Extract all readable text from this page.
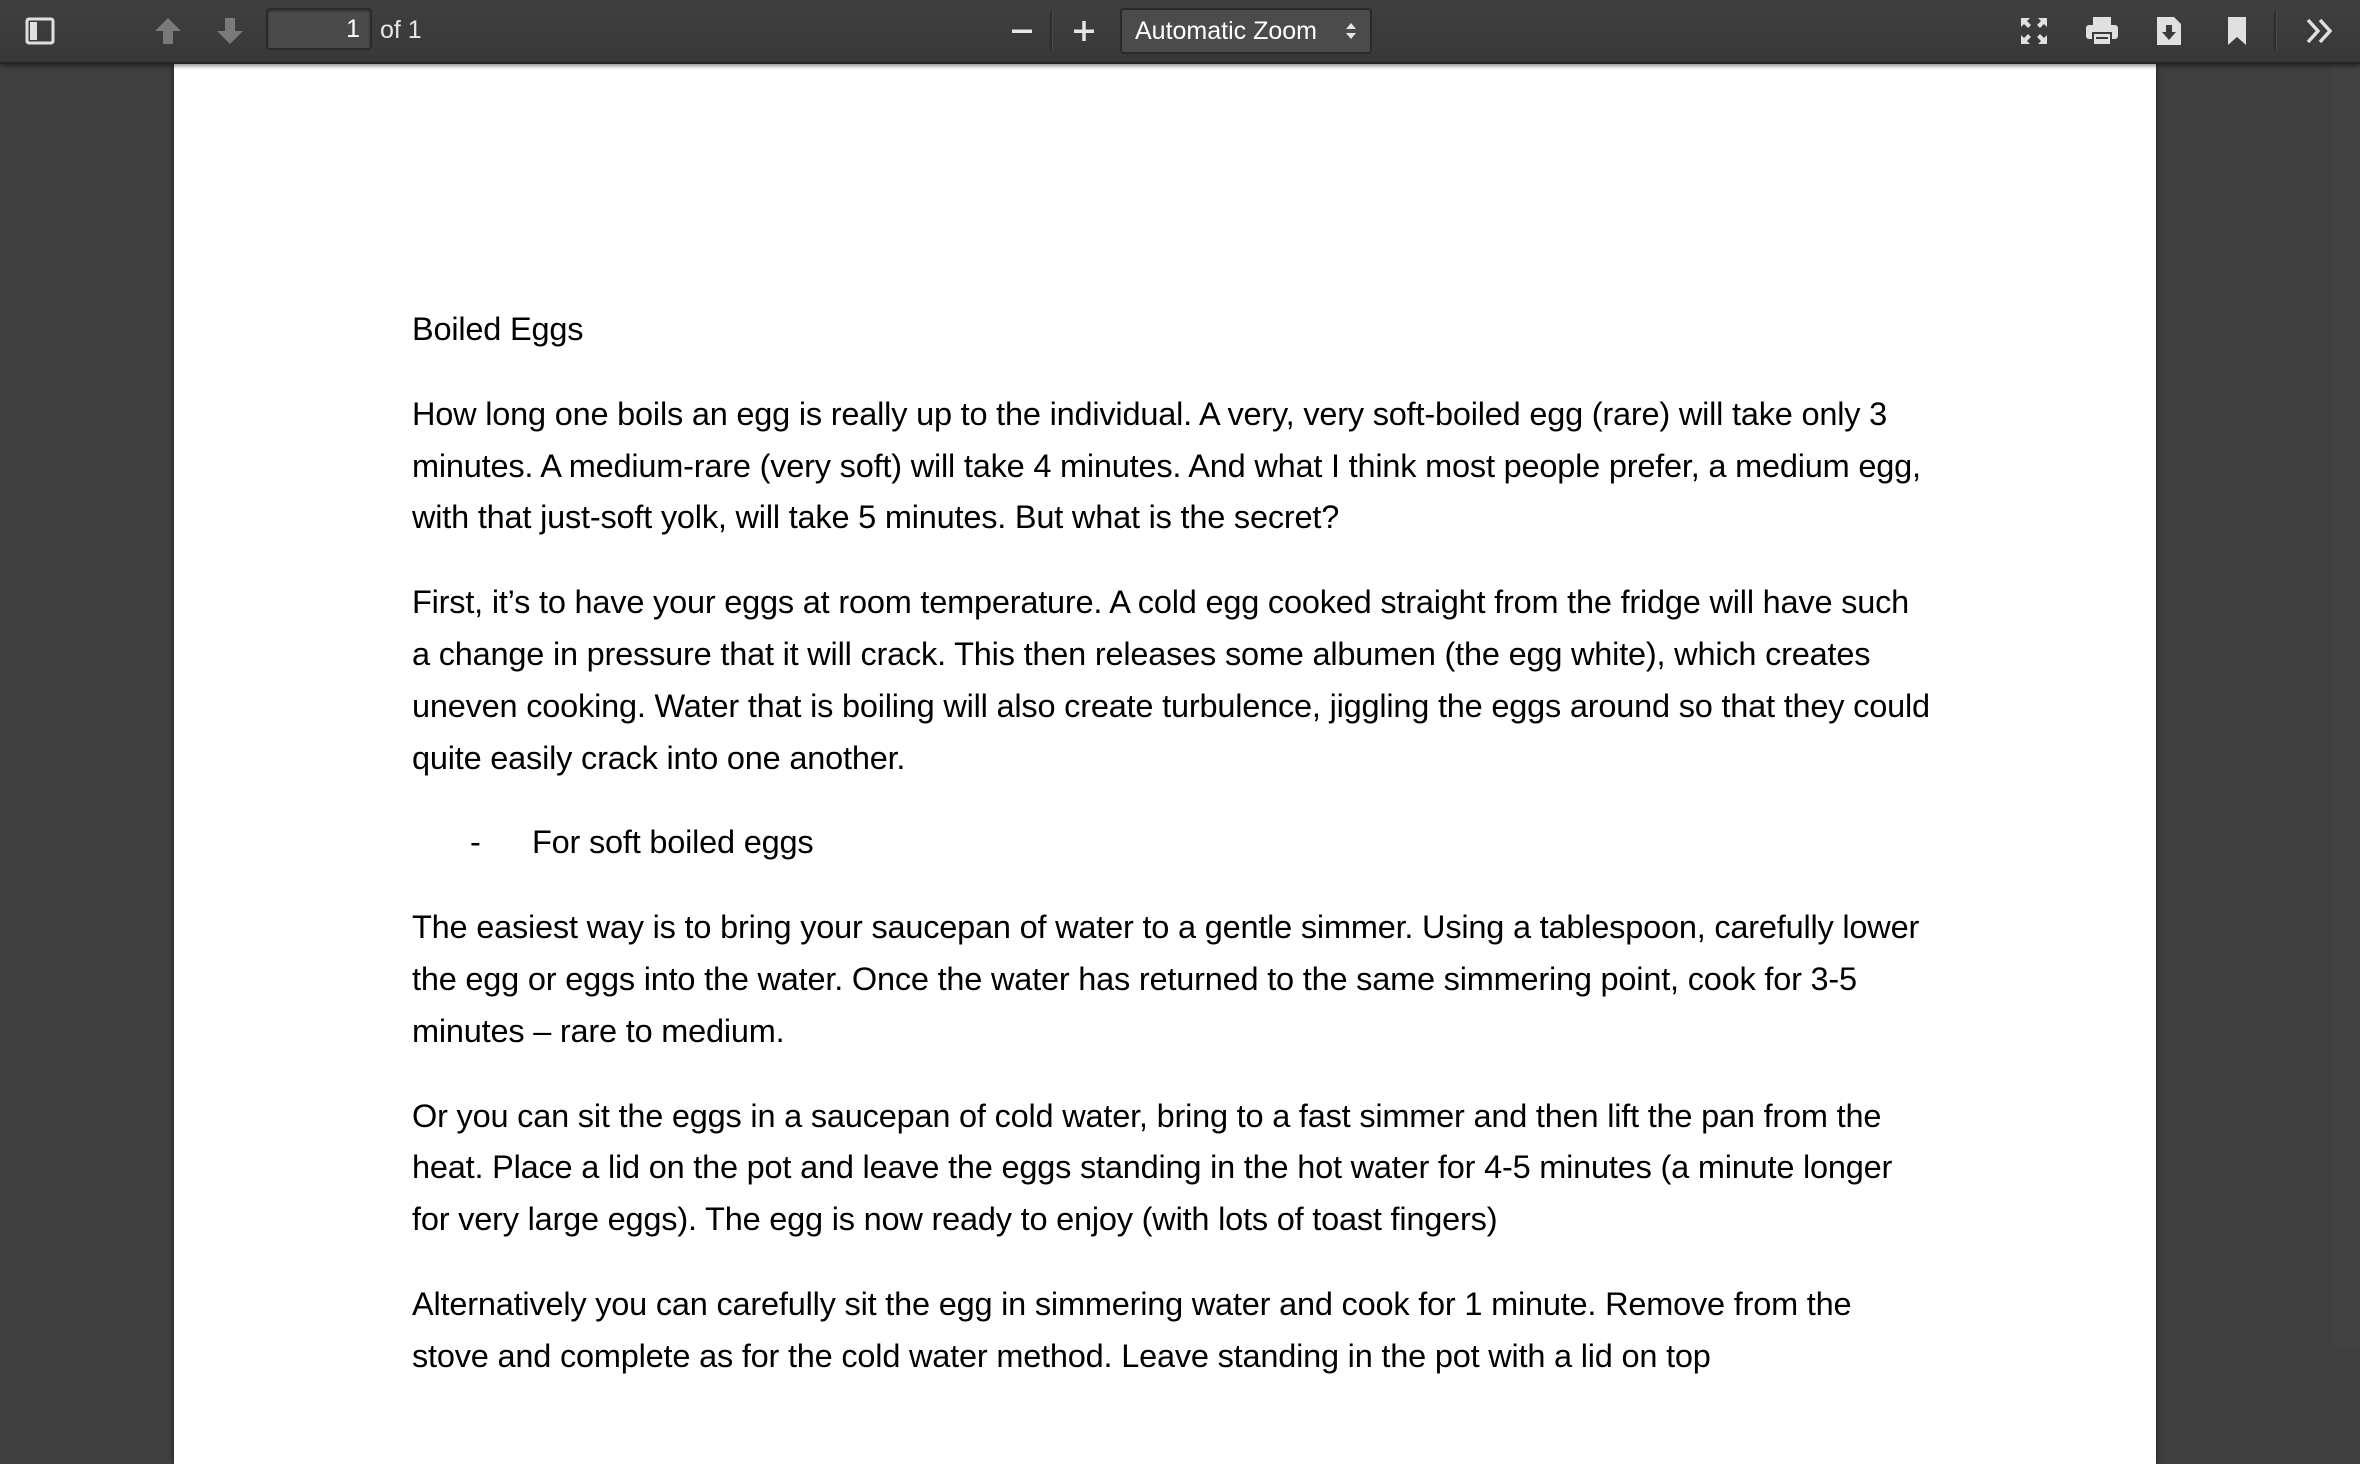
1 of 1	Automatic Zoom

Boiled Eggs

How long one boils an egg is really up to the individual. A very, very soft-boiled egg (rare) will take only 3 minutes. A medium-rare (very soft) will take 4 minutes. And what I think most people prefer, a medium egg, with that just-soft yolk, will take 5 minutes. But what is the secret?

First, it’s to have your eggs at room temperature. A cold egg cooked straight from the fridge will have such a change in pressure that it will crack. This then releases some albumen (the egg white), which creates uneven cooking. Water that is boiling will also create turbulence, jiggling the eggs around so that they could quite easily crack into one another.

-	For soft boiled eggs

The easiest way is to bring your saucepan of water to a gentle simmer. Using a tablespoon, carefully lower the egg or eggs into the water. Once the water has returned to the same simmering point, cook for 3-5 minutes – rare to medium.

Or you can sit the eggs in a saucepan of cold water, bring to a fast simmer and then lift the pan from the heat. Place a lid on the pot and leave the eggs standing in the hot water for 4-5 minutes (a minute longer for very large eggs). The egg is now ready to enjoy (with lots of toast fingers)

Alternatively you can carefully sit the egg in simmering water and cook for 1 minute. Remove from the stove and complete as for the cold water method. Leave standing in the pot with a lid on top
